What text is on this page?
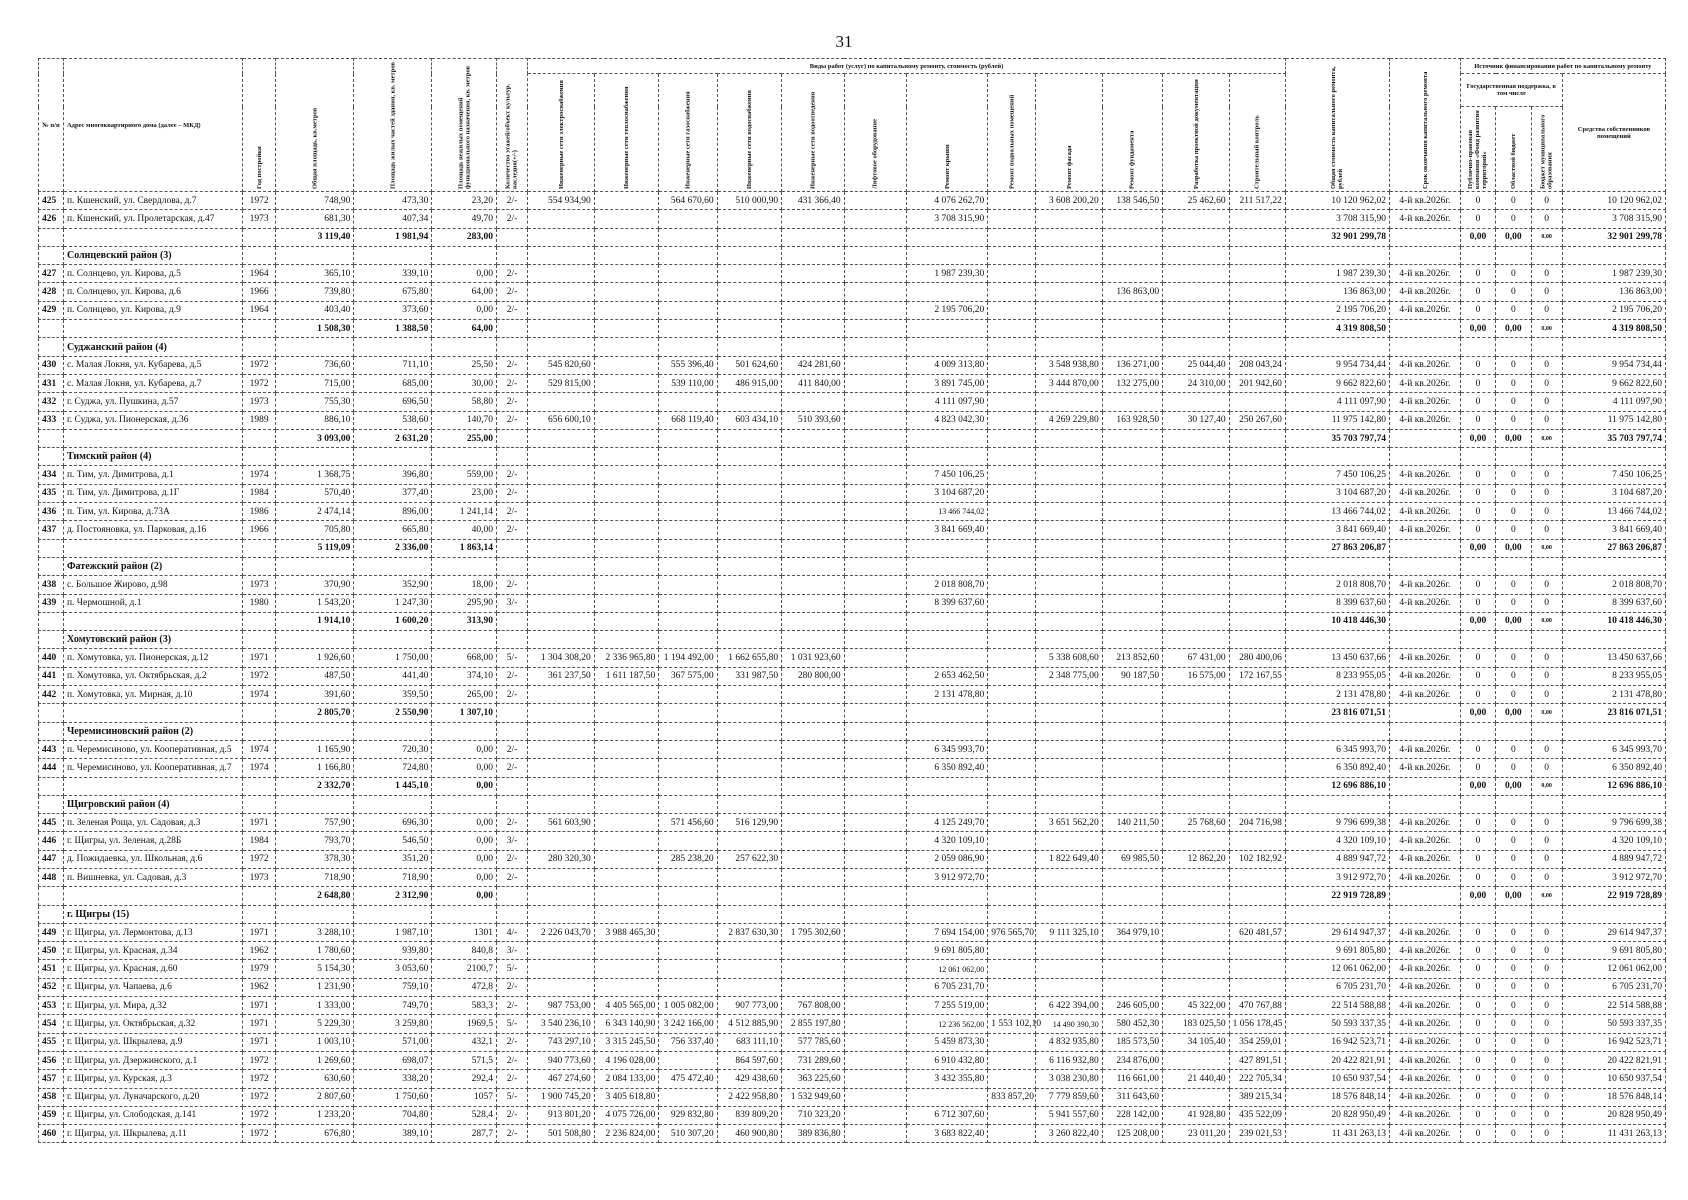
31
№ п/п	Адрес многоквартирного дома (далее – МКД)	Год постройки	Общая площадь, кв.метров	Площадь жилых частей здания, кв. метров	Площадь нежилых помещений функционального назначения, кв. метров	Количество этажей/объект культур. наследия(+/-)	Виды работ (услуг) по капитальному ремонту, стоимость (рублей)												Общая стоимость капитального ремонта, рублей	Срок окончания капитального ремонта	Источник финансирования работ по капитальному ремонту			
							Инженерные сети электроснабжения	Инженерные сети теплоснабжения	Инженерные сети газоснабжения	Инженерные сети водоснабжения	Инженерные сети водоотведения	Лифтовое оборудование	Ремонт крыши	Ремонт подвальных помещений	Ремонт фасада	Ремонт фундамента	Разработка проектной документации	Строительный контроль			Государственная поддержка, в том числе			Средства собственников помещений
																					Публично-правовая компания «Фонд развития территорий»	Областной бюджет	Бюджет муниципального образования	
425	п. Кшенский, ул. Свердлова, д.7	1972	748,90	473,30	23,20	2/-	554 934,90		564 670,60	510 000,90	431 366,40		4 076 262,70		3 608 200,20	138 546,50	25 462,60	211 517,22	10 120 962,02	4-й кв.2026г.	0	0	0	10 120 962,02
426	п. Кшенский, ул. Пролетарская, д.47	1973	681,30	407,34	49,70	2/-							3 708 315,90						3 708 315,90	4-й кв.2026г.	0	0	0	3 708 315,90
			3 119,40	1 981,94	283,00														32 901 299,78		0,00	0,00	0,00	32 901 299,78
	Солнцевский район (3)																							
427	п. Солнцево, ул. Кирова, д.5	1964	365,10	339,10	0,00	2/-							1 987 239,30						1 987 239,30	4-й кв.2026г.	0	0	0	1 987 239,30
428	п. Солнцево, ул. Кирова, д.6	1966	739,80	675,80	64,00	2/-										136 863,00			136 863,00	4-й кв.2026г.	0	0	0	136 863,00
429	п. Солнцево, ул. Кирова, д.9	1964	403,40	373,60	0,00	2/-							2 195 706,20						2 195 706,20	4-й кв.2026г.	0	0	0	2 195 706,20
			1 508,30	1 388,50	64,00														4 319 808,50		0,00	0,00	0,00	4 319 808,50
	Суджанский район (4)																							
430	с. Малая Локня, ул. Кубарева, д.5	1972	736,60	711,10	25,50	2/-	545 820,60		555 396,40	501 624,60	424 281,60		4 009 313,80		3 548 938,80	136 271,00	25 044,40	208 043,24	9 954 734,44	4-й кв.2026г.	0	0	0	9 954 734,44
431	с. Малая Локня, ул. Кубарева, д.7	1972	715,00	685,00	30,00	2/-	529 815,00		539 110,00	486 915,00	411 840,00		3 891 745,00		3 444 870,00	132 275,00	24 310,00	201 942,60	9 662 822,60	4-й кв.2026г.	0	0	0	9 662 822,60
432	г. Суджа, ул. Пушкина, д.57	1973	755,30	696,50	58,80	2/-							4 111 097,90						4 111 097,90	4-й кв.2026г.	0	0	0	4 111 097,90
433	г. Суджа, ул. Пионерская, д.36	1989	886,10	538,60	140,70	2/-	656 600,10		668 119,40	603 434,10	510 393,60		4 823 042,30		4 269 229,80	163 928,50	30 127,40	250 267,60	11 975 142,80	4-й кв.2026г.	0	0	0	11 975 142,80
			3 093,00	2 631,20	255,00														35 703 797,74		0,00	0,00	0,00	35 703 797,74
	Тимский район (4)																							
434	п. Тим, ул. Димитрова, д.1	1974	1 368,75	396,80	559,00	2/-							7 450 106,25						7 450 106,25	4-й кв.2026г.	0	0	0	7 450 106,25
435	п. Тим, ул. Димитрова, д.1Г	1984	570,40	377,40	23,00	2/-							3 104 687,20						3 104 687,20	4-й кв.2026г.	0	0	0	3 104 687,20
436	п. Тим, ул. Кирова, д.73А	1986	2 474,14	896,00	1 241,14	2/-							13 466 744,02						13 466 744,02	4-й кв.2026г.	0	0	0	13 466 744,02
437	д. Постояновка, ул. Парковая, д.16	1966	705,80	665,80	40,00	2/-							3 841 669,40						3 841 669,40	4-й кв.2026г.	0	0	0	3 841 669,40
			5 119,09	2 336,00	1 863,14														27 863 206,87		0,00	0,00	0,00	27 863 206,87
	Фатежский район (2)																							
438	с. Большое Жирово, д.98	1973	370,90	352,90	18,00	2/-							2 018 808,70						2 018 808,70	4-й кв.2026г.	0	0	0	2 018 808,70
439	п. Чермошной, д.1	1980	1 543,20	1 247,30	295,90	3/-							8 399 637,60						8 399 637,60	4-й кв.2026г.	0	0	0	8 399 637,60
			1 914,10	1 600,20	313,90														10 418 446,30		0,00	0,00	0,00	10 418 446,30
	Хомутовский район (3)																							
440	п. Хомутовка, ул. Пионерская, д.12	1971	1 926,60	1 750,00	668,00	5/-	1 304 308,20	2 336 965,80	1 194 492,00	1 662 655,80	1 031 923,60				5 338 608,60	213 852,60	67 431,00	280 400,06	13 450 637,66	4-й кв.2026г.	0	0	0	13 450 637,66
441	п. Хомутовка, ул. Октябрьская, д.2	1972	487,50	441,40	374,10	2/-	361 237,50	1 611 187,50	367 575,00	331 987,50	280 800,00		2 653 462,50		2 348 775,00	90 187,50	16 575,00	172 167,55	8 233 955,05	4-й кв.2026г.	0	0	0	8 233 955,05
442	п. Хомутовка, ул. Мирная, д.10	1974	391,60	359,50	265,00	2/-							2 131 478,80						2 131 478,80	4-й кв.2026г.	0	0	0	2 131 478,80
			2 805,70	2 550,90	1 307,10														23 816 071,51		0,00	0,00	0,00	23 816 071,51
	Черемисиновский район (2)																							
443	п. Черемисиново, ул. Кооперативная, д.5	1974	1 165,90	720,30	0,00	2/-							6 345 993,70						6 345 993,70	4-й кв.2026г.	0	0	0	6 345 993,70
444	п. Черемисиново, ул. Кооперативная, д.7	1974	1 166,80	724,80	0,00	2/-							6 350 892,40						6 350 892,40	4-й кв.2026г.	0	0	0	6 350 892,40
			2 332,70	1 445,10	0,00														12 696 886,10		0,00	0,00	0,00	12 696 886,10
	Щигровский район (4)																							
445	п. Зеленая Роща, ул. Садовая, д.3	1971	757,90	696,30	0,00	2/-	561 603,90		571 456,60	516 129,90			4 125 249,70		3 651 562,20	140 211,50	25 768,60	204 716,98	9 796 699,38	4-й кв.2026г.	0	0	0	9 796 699,38
446	г. Щигры, ул. Зеленая, д.28Б	1984	793,70	546,50	0,00	3/-							4 320 109,10						4 320 109,10	4-й кв.2026г.	0	0	0	4 320 109,10
447	д. Пожидаевка, ул. Школьная, д.6	1972	378,30	351,20	0,00	2/-	280 320,30		285 238,20	257 622,30			2 059 086,90		1 822 649,40	69 985,50	12 862,20	102 182,92	4 889 947,72	4-й кв.2026г.	0	0	0	4 889 947,72
448	п. Вишневка, ул. Садовая, д.3	1973	718,90	718,90	0,00	2/-							3 912 972,70						3 912 972,70	4-й кв.2026г.	0	0	0	3 912 972,70
			2 648,80	2 312,90	0,00														22 919 728,89		0,00	0,00	0,00	22 919 728,89
	г. Щигры (15)																							
449	г. Щигры, ул. Лермонтова, д.13	1971	3 288,10	1 987,10	1301	4/-	2 226 043,70	3 988 465,30		2 837 630,30	1 795 302,60		7 694 154,00	976 565,70	9 111 325,10	364 979,10		620 481,57	29 614 947,37	4-й кв.2026г.	0	0	0	29 614 947,37
450	г. Щигры, ул. Красная, д.34	1962	1 780,60	939,80	840,8	3/-							9 691 805,80						9 691 805,80	4-й кв.2026г.	0	0	0	9 691 805,80
451	г. Щигры, ул. Красная, д.60	1979	5 154,30	3 053,60	2100,7	5/-							12 061 062,00						12 061 062,00	4-й кв.2026г.	0	0	0	12 061 062,00
452	г. Щигры, ул. Чапаева, д.6	1962	1 231,90	759,10	472,8	2/-							6 705 231,70						6 705 231,70	4-й кв.2026г.	0	0	0	6 705 231,70
453	г. Щигры, ул. Мира, д.32	1971	1 333,00	749,70	583,3	2/-	987 753,00	4 405 565,00	1 005 082,00	907 773,00	767 808,00		7 255 519,00		6 422 394,00	246 605,00	45 322,00	470 767,88	22 514 588,88	4-й кв.2026г.	0	0	0	22 514 588,88
454	г. Щигры, ул. Октябрьская, д.32	1971	5 229,30	3 259,80	1969,5	5/-	3 540 236,10	6 343 140,90	3 242 166,00	4 512 885,90	2 855 197,80		12 236 562,00	1 553 102,10	14 490 390,30	580 452,30	183 025,50	1 056 178,45	50 593 337,35	4-й кв.2026г.	0	0	0	50 593 337,35
455	г. Щигры, ул. Шкрылева, д.9	1971	1 003,10	571,00	432,1	2/-	743 297,10	3 315 245,50	756 337,40	683 111,10	577 785,60		5 459 873,30		4 832 935,80	185 573,50	34 105,40	354 259,01	16 942 523,71	4-й кв.2026г.	0	0	0	16 942 523,71
456	г. Щигры, ул. Дзержинского, д.1	1972	1 269,60	698,07	571,5	2/-	940 773,60	4 196 028,00		864 597,60	731 289,60		6 910 432,80		6 116 932,80	234 876,00		427 891,51	20 422 821,91	4-й кв.2026г.	0	0	0	20 422 821,91
457	г. Щигры, ул. Курская, д.3	1972	630,60	338,20	292,4	2/-	467 274,60	2 084 133,00	475 472,40	429 438,60	363 225,60		3 432 355,80		3 038 230,80	116 661,00	21 440,40	222 705,34	10 650 937,54	4-й кв.2026г.	0	0	0	10 650 937,54
458	г. Щигры, ул. Луначарского, д.20	1972	2 807,60	1 750,60	1057	5/-	1 900 745,20	3 405 618,80		2 422 958,80	1 532 949,60			833 857,20	7 779 859,60	311 643,60		389 215,34	18 576 848,14	4-й кв.2026г.	0	0	0	18 576 848,14
459	г. Щигры, ул. Слободская, д.141	1972	1 233,20	704,80	528,4	2/-	913 801,20	4 075 726,00	929 832,80	839 809,20	710 323,20		6 712 307,60		5 941 557,60	228 142,00	41 928,80	435 522,09	20 828 950,49	4-й кв.2026г.	0	0	0	20 828 950,49
460	г. Щигры, ул. Шкрылева, д.11	1972	676,80	389,10	287,7	2/-	501 508,80	2 236 824,00	510 307,20	460 900,80	389 836,80		3 683 822,40		3 260 822,40	125 208,00	23 011,20	239 021,53	11 431 263,13	4-й кв.2026г.	0	0	0	11 431 263,13
